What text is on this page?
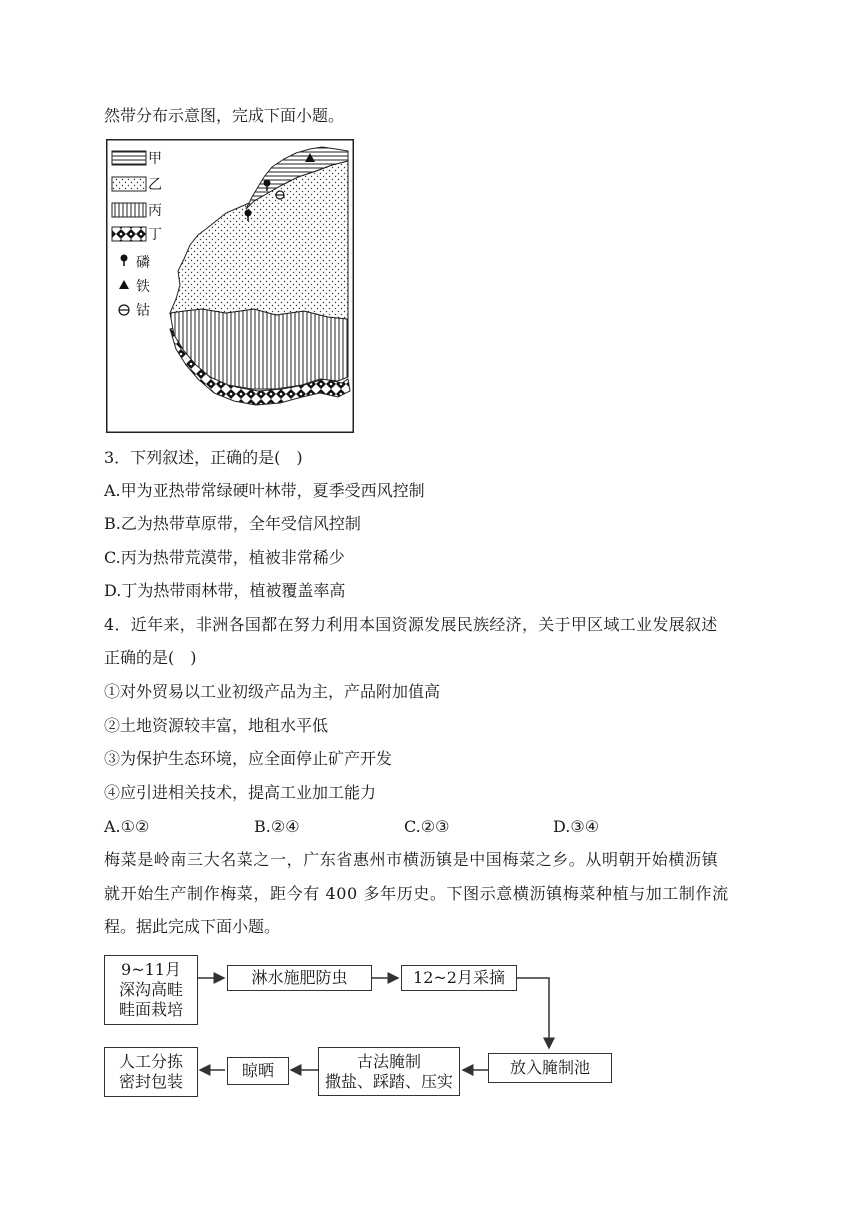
然带分布示意图，完成下面小题。
甲
乙
丙
丁
磷
铁
钴
3．下列叙述，正确的是(　)
A.甲为亚热带常绿硬叶林带，夏季受西风控制
B.乙为热带草原带，全年受信风控制
C.丙为热带荒漠带，植被非常稀少
D.丁为热带雨林带，植被覆盖率高
4．近年来，非洲各国都在努力利用本国资源发展民族经济，关于甲区域工业发展叙述
正确的是(　)
①对外贸易以工业初级产品为主，产品附加值高
②土地资源较丰富，地租水平低
③为保护生态环境，应全面停止矿产开发
④应引进相关技术，提高工业加工能力
A.①②	B.②④	C.②③	D.③④
梅菜是岭南三大名菜之一，广东省惠州市横沥镇是中国梅菜之乡。从明朝开始横沥镇
就开始生产制作梅菜，距今有 400 多年历史。下图示意横沥镇梅菜种植与加工制作流
程。据此完成下面小题。
9~11月
深沟高畦
畦面栽培
淋水施肥防虫	12~2月采摘
放入腌制池
古法腌制
撒盐、踩踏、压实
晾晒
人工分拣
密封包装
